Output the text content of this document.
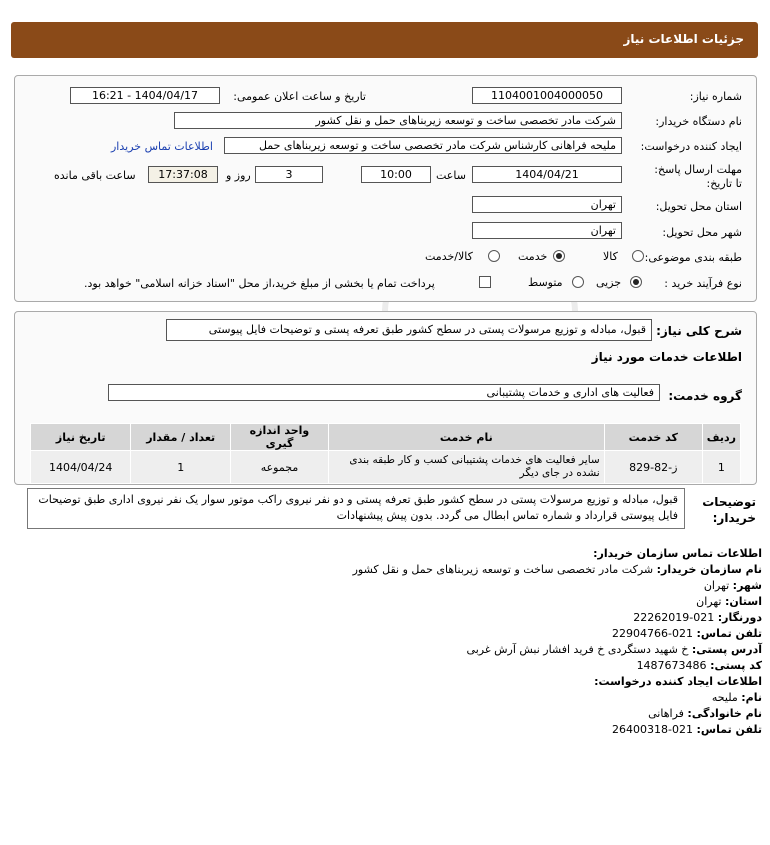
جزئیات اطلاعات نیاز
شماره نیاز:
1104001004000050
تاریخ و ساعت اعلان عمومی:
1404/04/17 - 16:21
نام دستگاه خریدار:
شرکت مادر تخصصی ساخت و توسعه زیربناهای حمل و نقل کشور
ایجاد کننده درخواست:
ملیحه فراهانی کارشناس شرکت مادر تخصصی ساخت و توسعه زیربناهای حمل
اطلاعات تماس خریدار
مهلت ارسال پاسخ: تا تاریخ:
1404/04/21
ساعت
10:00
3
روز و
17:37:08
ساعت باقی مانده
استان محل تحویل:
تهران
شهر محل تحویل:
تهران
طبقه بندی موضوعی:
کالا
خدمت
کالا/خدمت
نوع فرآیند خرید :
جزیی
متوسط
پرداخت تمام یا بخشی از مبلغ خرید،از محل "اسناد خزانه اسلامی" خواهد بود.
شرح کلی نیاز:
قبول، مبادله و توزیع مرسولات پستی در سطح کشور طبق تعرفه پستی و توضیحات فایل پیوستی
اطلاعات خدمات مورد نیاز
گروه خدمت:
فعالیت های اداری و خدمات پشتیبانی
ردیف	کد خدمت	نام خدمت	واحد اندازه گیری	تعداد / مقدار	تاریخ نیاز
1	ز-82-829	سایر فعالیت های خدمات پشتیبانی کسب و کار طبقه بندی نشده در جای دیگر	مجموعه	1	1404/04/24
توضیحات خریدار:
قبول، مبادله و توزیع مرسولات پستی در سطح کشور طبق تعرفه پستی و دو نفر نیروی راکب موتور سوار یک نفر نیروی اداری طبق توضیحات فایل پیوستی قرارداد و شماره تماس ابطال می گردد. بدون پیش پیشنهادات
اطلاعات تماس سازمان خریدار:
نام سازمان خریدار: شرکت مادر تخصصی ساخت و توسعه زیربناهای حمل و نقل کشور
شهر: تهران
استان: تهران
دورنگار: 021-22262019
تلفن تماس: 021-22904766
آدرس پستی: خ شهید دستگردی خ فرید افشار نبش آرش غربی
کد پستی: 1487673486
اطلاعات ایجاد کننده درخواست:
نام: ملیحه
نام خانوادگی: فراهانی
تلفن تماس: 021-26400318
